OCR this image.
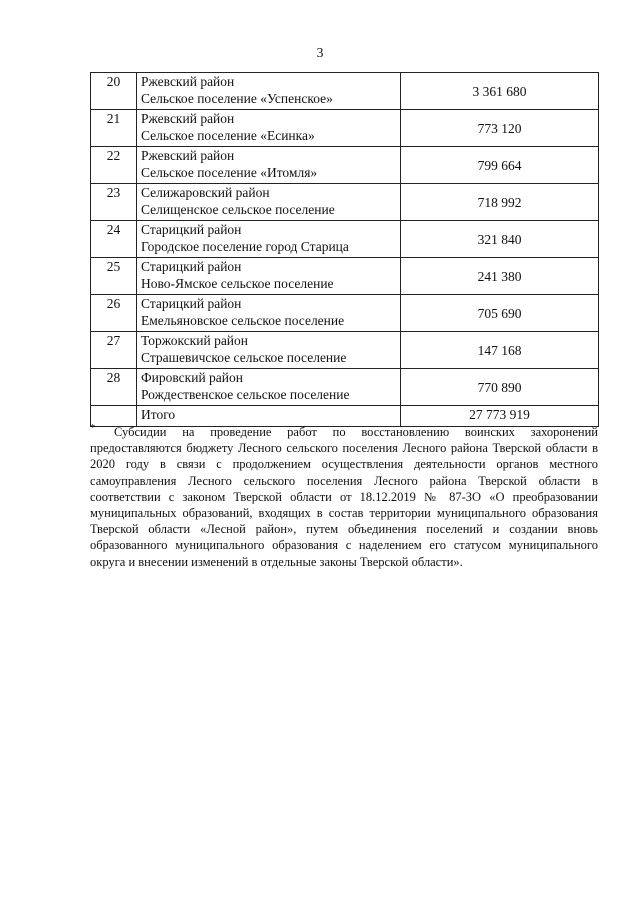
3
20	Ржевский район
Сельское поселение «Успенское»	3 361 680
21	Ржевский район
Сельское поселение «Есинка»	773 120
22	Ржевский район
Сельское поселение «Итомля»	799 664
23	Селижаровский район
Селищенское сельское поселение	718 992
24	Старицкий район
Городское поселение город Старица	321 840
25	Старицкий район
Ново-Ямское сельское поселение	241 380
26	Старицкий район
Емельяновское сельское поселение	705 690
27	Торжокский район
Страшевичское сельское поселение	147 168
28	Фировский район
Рождественское сельское поселение	770 890
	Итого	27 773 919
*	Субсидии на проведение работ по восстановлению воинских захоронений предоставляются бюджету Лесного сельского поселения Лесного района Тверской области в 2020 году в связи с продолжением осуществления деятельности органов местного самоуправления Лесного сельского поселения Лесного района Тверской области в соответствии с законом Тверской области от 18.12.2019 № 87-ЗО «О преобразовании муниципальных образований, входящих в состав территории муниципального образования Тверской области «Лесной район», путем объединения поселений и создании вновь образованного муниципального образования с наделением его статусом муниципального округа и внесении изменений в отдельные законы Тверской области».
